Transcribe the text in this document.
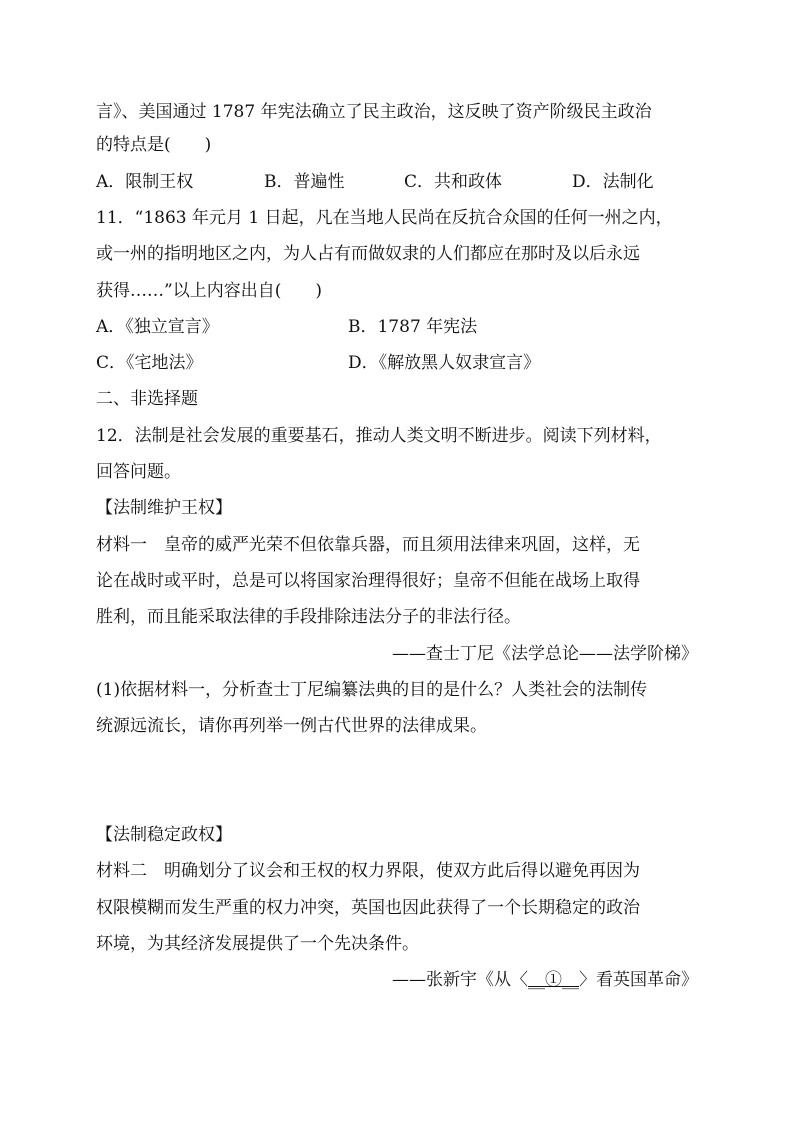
言》、美国通过 1787 年宪法确立了民主政治，这反映了资产阶级民主政治
的特点是(　　)
A．限制王权	B．普遍性	C．共和政体	D．法制化
11．“1863 年元月 1 日起，凡在当地人民尚在反抗合众国的任何一州之内，
或一州的指明地区之内，为人占有而做奴隶的人们都应在那时及以后永远
获得……”以上内容出自(　　)
A．《独立宣言》	B．1787 年宪法
C．《宅地法》	D．《解放黑人奴隶宣言》
二、非选择题
12．法制是社会发展的重要基石，推动人类文明不断进步。阅读下列材料，
回答问题。
【法制维护王权】
材料一　皇帝的威严光荣不但依靠兵器，而且须用法律来巩固，这样，无
论在战时或平时，总是可以将国家治理得很好；皇帝不但能在战场上取得
胜利，而且能采取法律的手段排除违法分子的非法行径。
——查士丁尼《法学总论——法学阶梯》
(1)依据材料一，分析查士丁尼编纂法典的目的是什么？人类社会的法制传
统源远流长，请你再列举一例古代世界的法律成果。
【法制稳定政权】
材料二　明确划分了议会和王权的权力界限，使双方此后得以避免再因为
权限模糊而发生严重的权力冲突，英国也因此获得了一个长期稳定的政治
环境，为其经济发展提供了一个先决条件。
——张新宇《从〈__①__〉看英国革命》
